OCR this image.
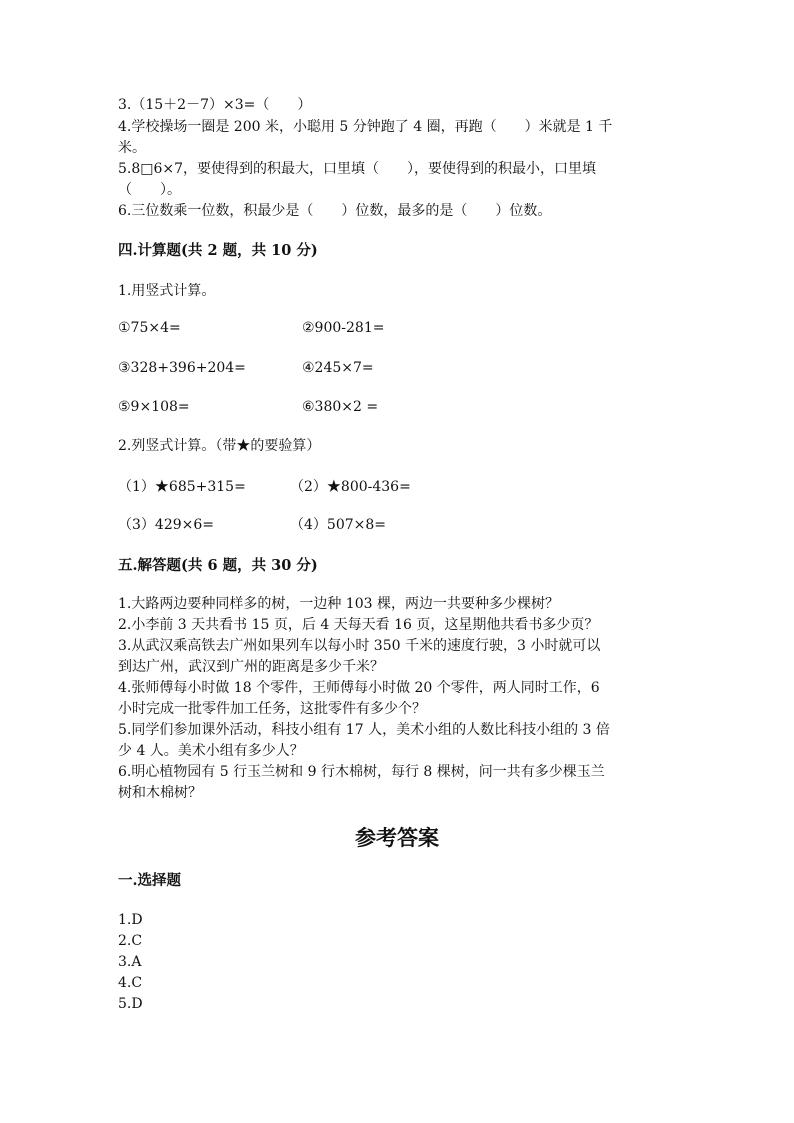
3.（15＋2－7）×3=（　　）
4.学校操场一圈是 200 米，小聪用 5 分钟跑了 4 圈，再跑（　　）米就是 1 千
米。
5.8□6×7，要使得到的积最大，口里填（　　），要使得到的积最小，口里填
（　　）。
6.三位数乘一位数，积最少是（　　）位数，最多的是（　　）位数。
四.计算题(共 2 题，共 10 分)
1.用竖式计算。
①75×4=	②900-281=
③328+396+204=	④245×7=
⑤9×108=	⑥380×2 =
2.列竖式计算。（带★的要验算）
（1）★685+315=	（2）★800-436=
（3）429×6=	（4）507×8=
五.解答题(共 6 题，共 30 分)
1.大路两边要种同样多的树，一边种 103 棵，两边一共要种多少棵树？
2.小李前 3 天共看书 15 页，后 4 天每天看 16 页，这星期他共看书多少页？
3.从武汉乘高铁去广州如果列车以每小时 350 千米的速度行驶，3 小时就可以
到达广州，武汉到广州的距离是多少千米？
4.张师傅每小时做 18 个零件，王师傅每小时做 20 个零件，两人同时工作，6
小时完成一批零件加工任务，这批零件有多少个？
5.同学们参加课外活动，科技小组有 17 人，美术小组的人数比科技小组的 3 倍
少 4 人。美术小组有多少人？
6.明心植物园有 5 行玉兰树和 9 行木棉树，每行 8 棵树，问一共有多少棵玉兰
树和木棉树？
参考答案
一.选择题
1.D
2.C
3.A
4.C
5.D
